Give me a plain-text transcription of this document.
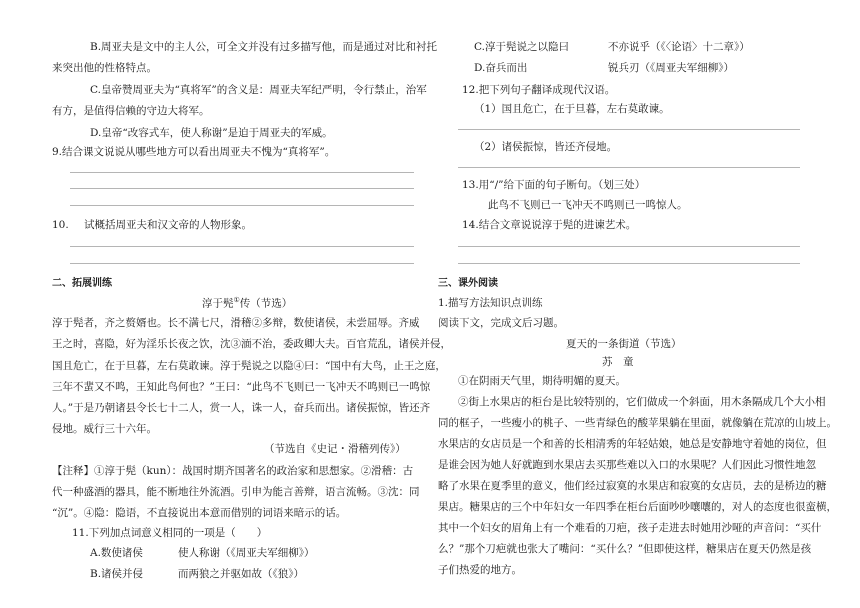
B.周亚夫是文中的主人公，可全文并没有过多描写他，而是通过对比和衬托
来突出他的性格特点。
C.皇帝赞周亚夫为“真将军”的含义是：周亚夫军纪严明，令行禁止，治军
有方，是值得信赖的守边大将军。
D.皇帝“改容式车，使人称谢”是迫于周亚夫的军威。
9.结合课文说说从哪些地方可以看出周亚夫不愧为“真将军”。
10. 试概括周亚夫和汉文帝的人物形象。
二、拓展训练
淳于髡①传（节选）
淳于髡者，齐之赘婿也。长不满七尺，滑稽②多辩，数使诸侯，未尝屈辱。齐威
王之时，喜隐，好为淫乐长夜之饮，沈③湎不治，委政卿大夫。百官荒乱，诸侯并侵，
国且危亡，在于旦暮，左右莫敢谏。淳于髡说之以隐④曰：“国中有大鸟，止王之庭，
三年不蜚又不鸣，王知此鸟何也？”王曰：“此鸟不飞则已一飞冲天不鸣则已一鸣惊
人。”于是乃朝诸县令长七十二人，赏一人，诛一人，奋兵而出。诸侯振惊，皆还齐
侵地。威行三十六年。
（节选自《史记・滑稽列传》）
【注释】①淳于髡（kun）：战国时期齐国著名的政治家和思想家。②滑稽：古
代一种盛酒的器具，能不断地往外流酒。引申为能言善辩，语言流畅。③沈：同
“沉”。④隐：隐语，不直接说出本意而借别的词语来暗示的话。
11.下列加点词意义相同的一项是（　　）
A.数使诸侯	使人称谢（《周亚夫军细柳》）
B.诸侯并侵	而两狼之并驱如故（《狼》）
C.淳于髡说之以隐曰	不亦说乎（《〈论语〉十二章》）
D.奋兵而出	锐兵刃（《周亚夫军细柳》）
12.把下列句子翻译成现代汉语。
（1）国且危亡，在于旦暮，左右莫敢谏。
（2）诸侯振惊，皆还齐侵地。
13.用“/”给下面的句子断句。（划三处）
此鸟不飞则已一飞冲天不鸣则已一鸣惊人。
14.结合文章说说淳于髡的进谏艺术。
三、课外阅读
1.描写方法知识点训练
阅读下文，完成文后习题。
夏天的一条街道（节选）
苏　童
①在阴雨天气里，期待明媚的夏天。
②街上水果店的柜台是比较特别的，它们做成一个斜面，用木条隔成几个大小相
同的框子，一些瘦小的桃子、一些青绿色的酸苹果躺在里面，就像躺在荒凉的山坡上。
水果店的女店员是一个和善的长相清秀的年轻姑娘，她总是安静地守着她的岗位，但
是谁会因为她人好就跑到水果店去买那些难以入口的水果呢？人们因此习惯性地忽
略了水果在夏季里的意义，他们经过寂寞的水果店和寂寞的女店员，去的是桥边的糖
果店。糖果店的三个中年妇女一年四季在柜台后面吵吵嚷嚷的，对人的态度也很蛮横，
其中一个妇女的眉角上有一个难看的刀疤，孩子走进去时她用沙哑的声音问：“买什
么？”那个刀疤就也张大了嘴问：“买什么？”但即使这样，糖果店在夏天仍然是孩
子们热爱的地方。
